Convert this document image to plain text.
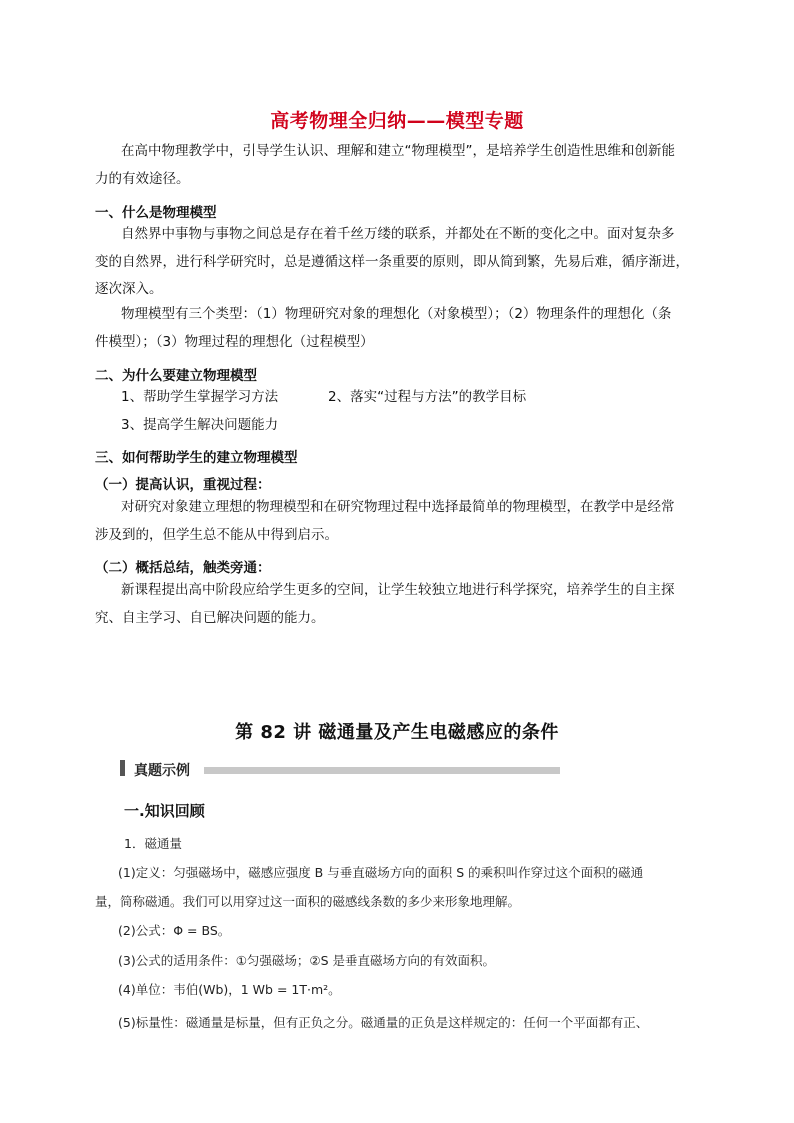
高考物理全归纳——模型专题
在高中物理教学中，引导学生认识、理解和建立“物理模型”，是培养学生创造性思维和创新能
力的有效途径。
一、什么是物理模型
自然界中事物与事物之间总是存在着千丝万缕的联系，并都处在不断的变化之中。面对复杂多
变的自然界，进行科学研究时，总是遵循这样一条重要的原则，即从简到繁，先易后难，循序渐进，
逐次深入。
物理模型有三个类型：（1）物理研究对象的理想化（对象模型）；（2）物理条件的理想化（条
件模型）；（3）物理过程的理想化（过程模型）
二、为什么要建立物理模型
1、帮助学生掌握学习方法	2、落实“过程与方法”的教学目标
3、提高学生解决问题能力
三、如何帮助学生的建立物理模型
（一）提高认识，重视过程：
对研究对象建立理想的物理模型和在研究物理过程中选择最简单的物理模型，在教学中是经常
涉及到的，但学生总不能从中得到启示。
（二）概括总结，触类旁通：
新课程提出高中阶段应给学生更多的空间，让学生较独立地进行科学探究，培养学生的自主探
究、自主学习、自已解决问题的能力。
第 82 讲 磁通量及产生电磁感应的条件
真题示例
一.知识回顾
1．磁通量
(1)定义：匀强磁场中，磁感应强度 B 与垂直磁场方向的面积 S 的乘积叫作穿过这个面积的磁通
量，简称磁通。我们可以用穿过这一面积的磁感线条数的多少来形象地理解。
(2)公式：Φ = BS。
(3)公式的适用条件：①匀强磁场；②S 是垂直磁场方向的有效面积。
(4)单位：韦伯(Wb)，1 Wb = 1T·m²。
(5)标量性：磁通量是标量，但有正负之分。磁通量的正负是这样规定的：任何一个平面都有正、
